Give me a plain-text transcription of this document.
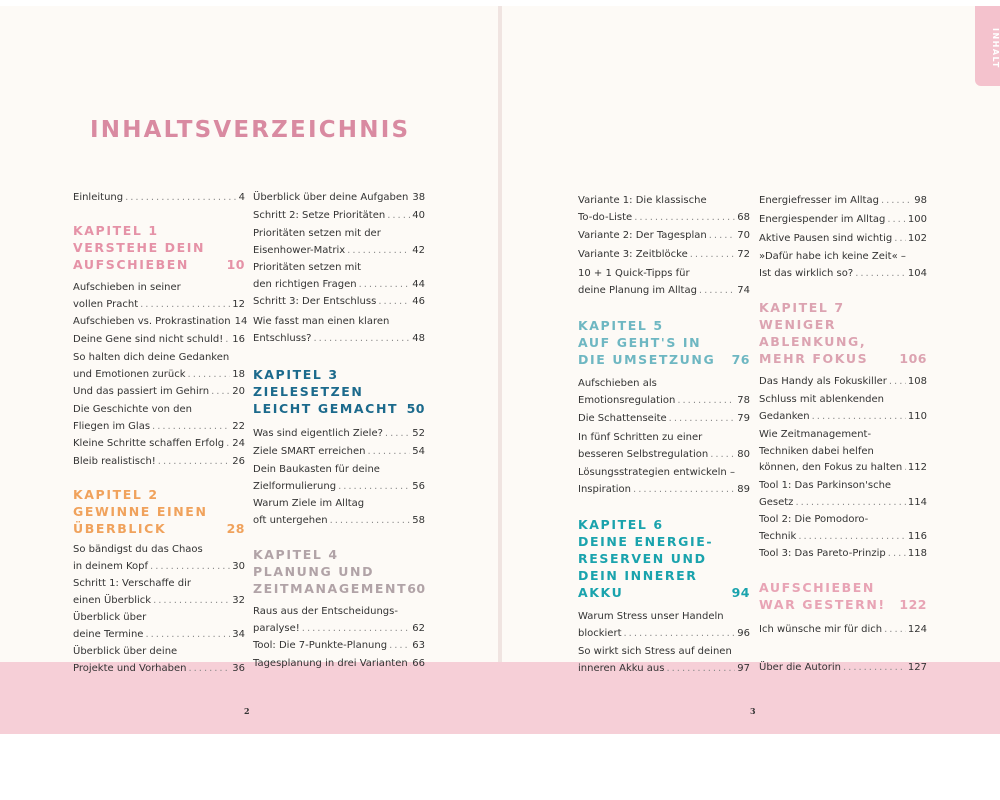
INHALT
INHALTSVERZEICHNIS
Einleitung . . .	4
KAPITEL 1
VERSTEHE DEIN
AUFSCHIEBEN	10
Aufschieben in seiner
vollen Pracht . . .	12
Aufschieben vs. Prokrastination 14
Deine Gene sind nicht schuld! . . . 16
So halten dich deine Gedanken
und Emotionen zurück . . .	18
Und das passiert im Gehirn . . . 20
Die Geschichte von den
Fliegen im Glas . . .	22
Kleine Schritte schaffen Erfolg . . . 24
Bleib realistisch! . . .	26
KAPITEL 2
GEWINNE EINEN
ÜBERBLICK	28
So bändigst du das Chaos
in deinem Kopf . . .	30
Schritt 1: Verschaffe dir
einen Überblick . . .	32
Überblick über
deine Termine . . .	34
Überblick über deine
Projekte und Vorhaben . . .	36
Überblick über deine Aufgaben 38
Schritt 2: Setze Prioritäten . . .	40
Prioritäten setzen mit der
Eisenhower-Matrix . . .	42
Prioritäten setzen mit
den richtigen Fragen . . .	44
Schritt 3: Der Entschluss . . .	46
Wie fasst man einen klaren
Entschluss? . . .	48
KAPITEL 3
ZIELESETZEN
LEICHT GEMACHT 50
Was sind eigentlich Ziele? . . .	52
Ziele SMART erreichen . . .	54
Dein Baukasten für deine
Zielformulierung . . .	56
Warum Ziele im Alltag
oft untergehen . . .	58
KAPITEL 4
PLANUNG UND
ZEITMANAGEMENT 60
Raus aus der Entscheidungs-
paralyse! . . .	62
Tool: Die 7-Punkte-Planung . . .	63
Tagesplanung in drei Varianten . . . 66
Variante 1: Die klassische
To-do-Liste . . .	68
Variante 2: Der Tagesplan . . .	70
Variante 3: Zeitblöcke . . .	72
10 + 1 Quick-Tipps für
deine Planung im Alltag . . .	74
KAPITEL 5
AUF GEHT'S IN
DIE UMSETZUNG 76
Aufschieben als
Emotionsregulation . . .	78
Die Schattenseite . . .	79
In fünf Schritten zu einer
besseren Selbstregulation . . .	80
Lösungsstrategien entwickeln –
Inspiration . . .	89
KAPITEL 6
DEINE ENERGIE-
RESERVEN UND
DEIN INNERER
AKKU	94
Warum Stress unser Handeln
blockiert . . .	96
So wirkt sich Stress auf deinen
inneren Akku aus . . .	97
Energiefresser im Alltag . . .	98
Energiespender im Alltag . . . 100
Aktive Pausen sind wichtig . . . 102
»Dafür habe ich keine Zeit« –
Ist das wirklich so? . . .	104
KAPITEL 7
WENIGER
ABLENKUNG,
MEHR FOKUS 106
Das Handy als Fokuskiller . . . 108
Schluss mit ablenkenden
Gedanken . . .	110
Wie Zeitmanagement-
Techniken dabei helfen
können, den Fokus zu halten . . . 112
Tool 1: Das Parkinson'sche
Gesetz . . .	114
Tool 2: Die Pomodoro-
Technik . . .	116
Tool 3: Das Pareto-Prinzip . . . 118
AUFSCHIEBEN
WAR GESTERN! 122
Ich wünsche mir für dich . . .	124
Über die Autorin . . .	127
2	3
